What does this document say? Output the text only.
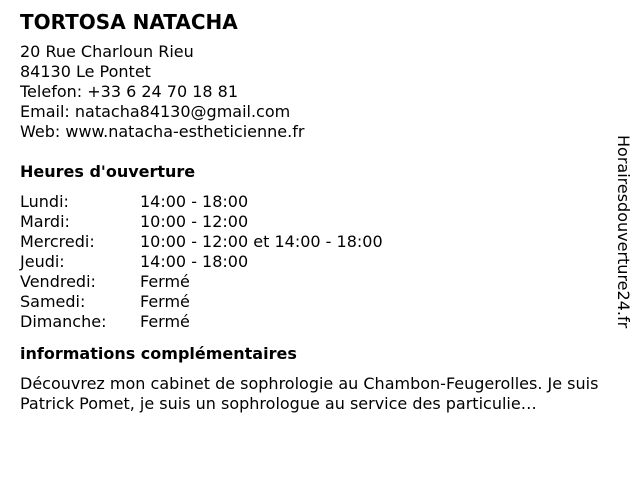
TORTOSA NATACHA
20 Rue Charloun Rieu
84130 Le Pontet
Telefon: +33 6 24 70 18 81
Email: natacha84130@gmail.com
Web: www.natacha-estheticienne.fr
Heures d'ouverture
Lundi:	14:00 - 18:00
Mardi:	10:00 - 12:00
Mercredi:	10:00 - 12:00 et 14:00 - 18:00
Jeudi:	14:00 - 18:00
Vendredi:	Fermé
Samedi:	Fermé
Dimanche:	Fermé
informations complémentaires
Découvrez mon cabinet de sophrologie au Chambon-Feugerolles. Je suis Patrick Pomet, je suis un sophrologue au service des particulie…
Horairesdouverture24.fr
